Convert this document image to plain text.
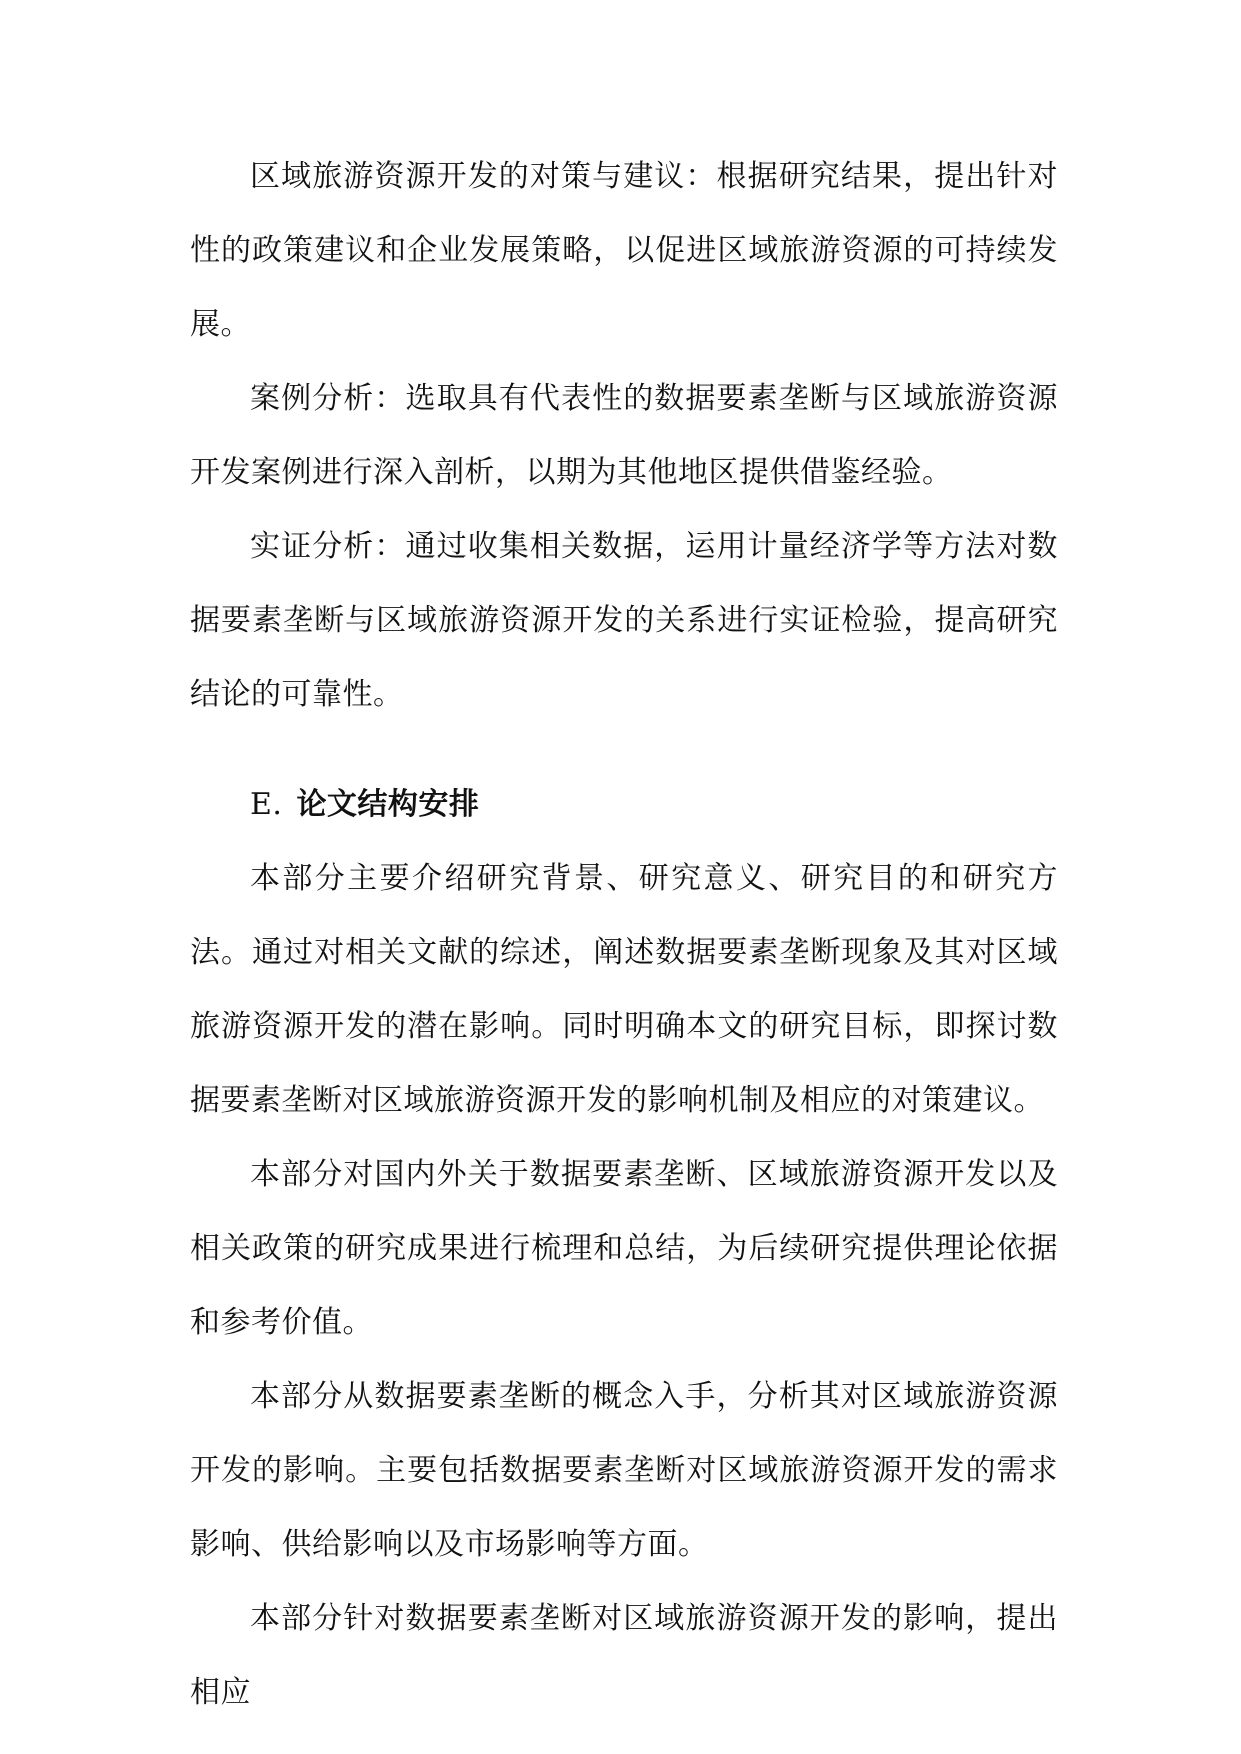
区域旅游资源开发的对策与建议：根据研究结果，提出针对性的政策建议和企业发展策略，以促进区域旅游资源的可持续发展。

案例分析：选取具有代表性的数据要素垄断与区域旅游资源开发案例进行深入剖析，以期为其他地区提供借鉴经验。

实证分析：通过收集相关数据，运用计量经济学等方法对数据要素垄断与区域旅游资源开发的关系进行实证检验，提高研究结论的可靠性。

E. 论文结构安排

本部分主要介绍研究背景、研究意义、研究目的和研究方法。通过对相关文献的综述，阐述数据要素垄断现象及其对区域旅游资源开发的潜在影响。同时明确本文的研究目标，即探讨数据要素垄断对区域旅游资源开发的影响机制及相应的对策建议。

本部分对国内外关于数据要素垄断、区域旅游资源开发以及相关政策的研究成果进行梳理和总结，为后续研究提供理论依据和参考价值。

本部分从数据要素垄断的概念入手，分析其对区域旅游资源开发的影响。主要包括数据要素垄断对区域旅游资源开发的需求影响、供给影响以及市场影响等方面。

本部分针对数据要素垄断对区域旅游资源开发的影响，提出相应
